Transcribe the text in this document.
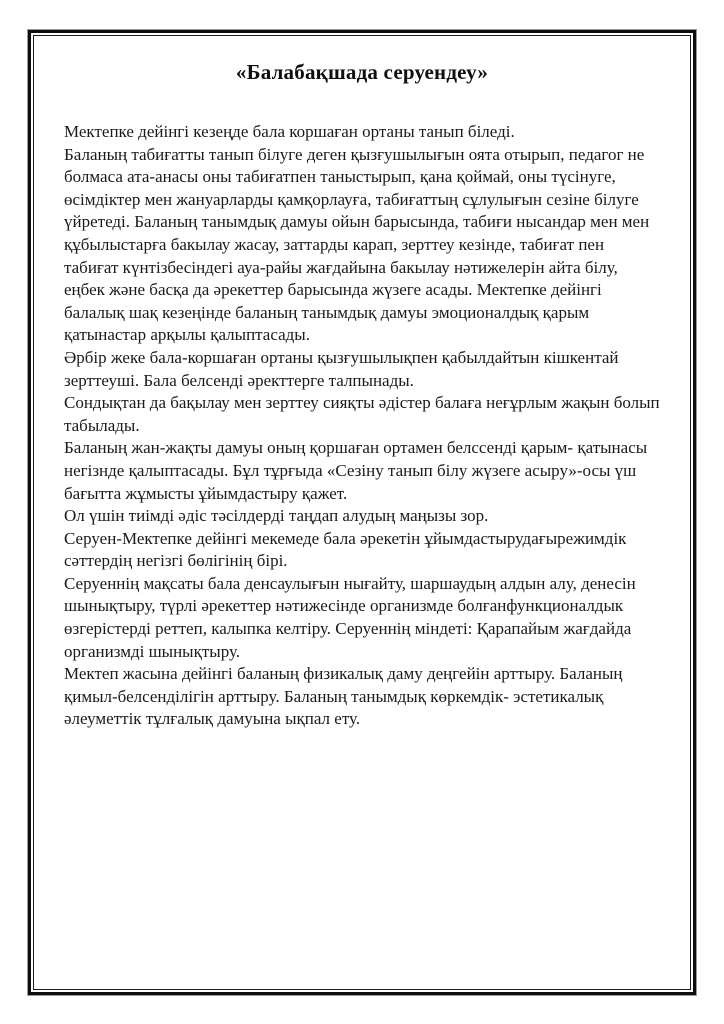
«Балабақшада серуендеу»
Мектепке дейінгі кезеңде бала коршаған ортаны танып біледі.
Баланың табиғатты танып білуге деген қызғушылығын оята отырып, педагог не
болмаса ата-анасы оны табиғатпен таныстырып, қана қоймай, оны түсінуге,
өсімдіктер мен жануарларды қамқорлауға, табиғаттың сұлулығын сезіне білуге
үйретеді. Баланың танымдық дамуы ойын барысында, табиғи нысандар мен мен
құбылыстарға бакылау жасау, заттарды карап, зерттеу кезінде, табиғат пен
табиғат күнтізбесіндегі ауа-райы жағдайына бакылау нәтижелерін айта білу,
еңбек және басқа да әрекеттер барысында жүзеге асады. Мектепке дейінгі
балалық шақ кезеңінде баланың танымдық дамуы эмоционалдық қарым
қатынастар арқылы қалыптасады.
Әрбір жеке бала-коршаған ортаны қызғушылықпен қабылдайтын кішкентай
зерттеуші. Бала белсенді әректтерге талпынады.
Сондықтан да бақылау мен зерттеу сияқты әдістер балаға неғұрлым жақын болып
табылады.
Баланың жан-жақты дамуы оның қоршаған ортамен белссенді қарым- қатынасы
негізнде қалыптасады. Бұл тұрғыда «Сезіну танып білу жүзеге асыру»-осы үш
бағытта жұмысты ұйымдастыру қажет.
Ол үшін тиімді әдіс тәсілдерді таңдап алудың маңызы зор.
Серуен-Мектепке дейінгі мекемеде бала әрекетін ұйымдастырудағырежимдік
сәттердің негізгі бөлігінің бірі.
Серуеннің мақсаты бала денсаулығын нығайту, шаршаудың алдын алу, денесін
шынықтыру, түрлі әрекеттер нәтижесінде организмде болғанфункционалдык
өзгерістерді реттеп, калыпка келтіру. Серуеннің міндеті: Қарапайым жағдайда
организмді шынықтыру.
Мектеп жасына дейінгі баланың физикалық даму деңгейін арттыру. Баланың
қимыл-белсенділігін арттыру. Баланың танымдық көркемдік- эстетикалық
әлеуметтік тұлғалық дамуына ықпал ету.
